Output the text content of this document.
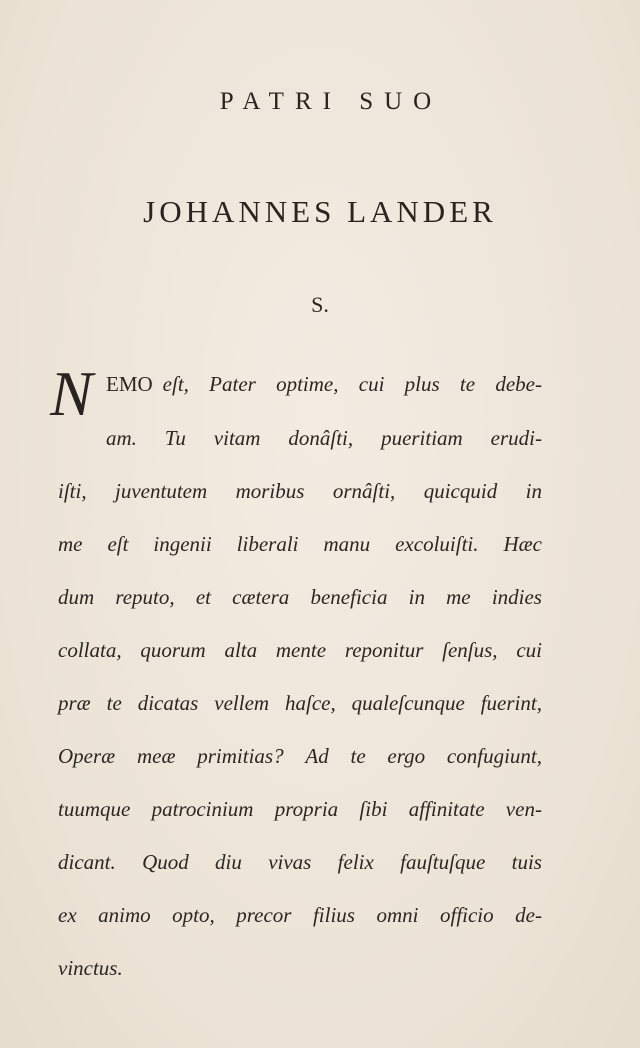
PATRI SUO
JOHANNES LANDER
S.
N EMO eſt, Pater optime, cui plus te debe-
am. Tu vitam donâſti, pueritiam erudi-
iſti, juventutem moribus ornâſti, quicquid in
me eſt ingenii liberali manu excoluiſti. Hæc
dum reputo, et cætera beneficia in me indies
collata, quorum alta mente reponitur ſenſus, cui
præ te dicatas vellem haſce, qualeſcunque fuerint,
Operæ meæ primitias? Ad te ergo confugiunt,
tuumque patrocinium propria ſibi affinitate ven-
dicant. Quod diu vivas felix fauſtuſque tuis
ex animo opto, precor filius omni officio de-
vinctus.
